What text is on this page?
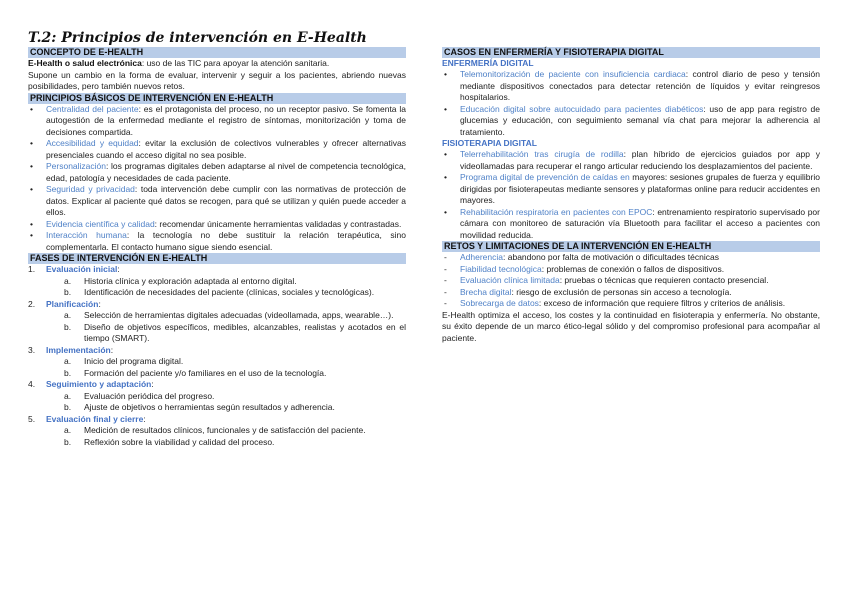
T.2: Principios de intervención en E-Health
CONCEPTO DE E-HEALTH

E-Health o salud electrónica: uso de las TIC para apoyar la atención sanitaria.

Supone un cambio en la forma de evaluar, intervenir y seguir a los pacientes, abriendo nuevas posibilidades, pero también nuevos retos.

PRINCIPIOS BÁSICOS DE INTERVENCIÓN EN E-HEALTH
• Centralidad del paciente: es el protagonista del proceso, no un receptor pasivo. Se fomenta la autogestión de la enfermedad mediante el registro de síntomas, monitorización y toma de decisiones compartida.
• Accesibilidad y equidad: evitar la exclusión de colectivos vulnerables y ofrecer alternativas presenciales cuando el acceso digital no sea posible.
• Personalización: los programas digitales deben adaptarse al nivel de competencia tecnológica, edad, patología y necesidades de cada paciente.
• Seguridad y privacidad: toda intervención debe cumplir con las normativas de protección de datos. Explicar al paciente qué datos se recogen, para qué se utilizan y quién puede acceder a ellos.
• Evidencia científica y calidad: recomendar únicamente herramientas validadas y contrastadas.
• Interacción humana: la tecnología no debe sustituir la relación terapéutica, sino complementarla. El contacto humano sigue siendo esencial.
FASES DE INTERVENCIÓN EN E-HEALTH
1. Evaluación inicial:
a. Historia clínica y exploración adaptada al entorno digital.
b. Identificación de necesidades del paciente (clínicas, sociales y tecnológicas).
2. Planificación:
a. Selección de herramientas digitales adecuadas (videollamada, apps, wearable…).
b. Diseño de objetivos específicos, medibles, alcanzables, realistas y acotados en el tiempo (SMART).
3. Implementación:
a. Inicio del programa digital.
b. Formación del paciente y/o familiares en el uso de la tecnología.
4. Seguimiento y adaptación:
a. Evaluación periódica del progreso.
b. Ajuste de objetivos o herramientas según resultados y adherencia.
5. Evaluación final y cierre:
a. Medición de resultados clínicos, funcionales y de satisfacción del paciente.
b. Reflexión sobre la viabilidad y calidad del proceso.
CASOS EN ENFERMERÍA Y FISIOTERAPIA DIGITAL
ENFERMERÍA DIGITAL
• Telemonitorización de paciente con insuficiencia cardiaca: control diario de peso y tensión mediante dispositivos conectados para detectar retención de líquidos y evitar reingresos hospitalarios.
• Educación digital sobre autocuidado para pacientes diabéticos: uso de app para registro de glucemias y educación, con seguimiento semanal vía chat para mejorar la adherencia al tratamiento.
FISIOTERAPIA DIGITAL
• Telerrehabilitación tras cirugía de rodilla: plan híbrido de ejercicios guiados por app y videollamadas para recuperar el rango articular reduciendo los desplazamientos del paciente.
• Programa digital de prevención de caídas en mayores: sesiones grupales de fuerza y equilibrio dirigidas por fisioterapeutas mediante sensores y plataformas online para reducir accidentes en mayores.
• Rehabilitación respiratoria en pacientes con EPOC: entrenamiento respiratorio supervisado por cámara con monitoreo de saturación vía Bluetooth para facilitar el acceso a pacientes con movilidad reducida.
RETOS Y LIMITACIONES DE LA INTERVENCIÓN EN E-HEALTH
- Adherencia: abandono por falta de motivación o dificultades técnicas
- Fiabilidad tecnológica: problemas de conexión o fallos de dispositivos.
- Evaluación clínica limitada: pruebas o técnicas que requieren contacto presencial.
- Brecha digital: riesgo de exclusión de personas sin acceso a tecnología.
- Sobrecarga de datos: exceso de información que requiere filtros y criterios de análisis.

E-Health optimiza el acceso, los costes y la continuidad en fisioterapia y enfermería. No obstante, su éxito depende de un marco ético-legal sólido y del compromiso profesional para acompañar al paciente.
